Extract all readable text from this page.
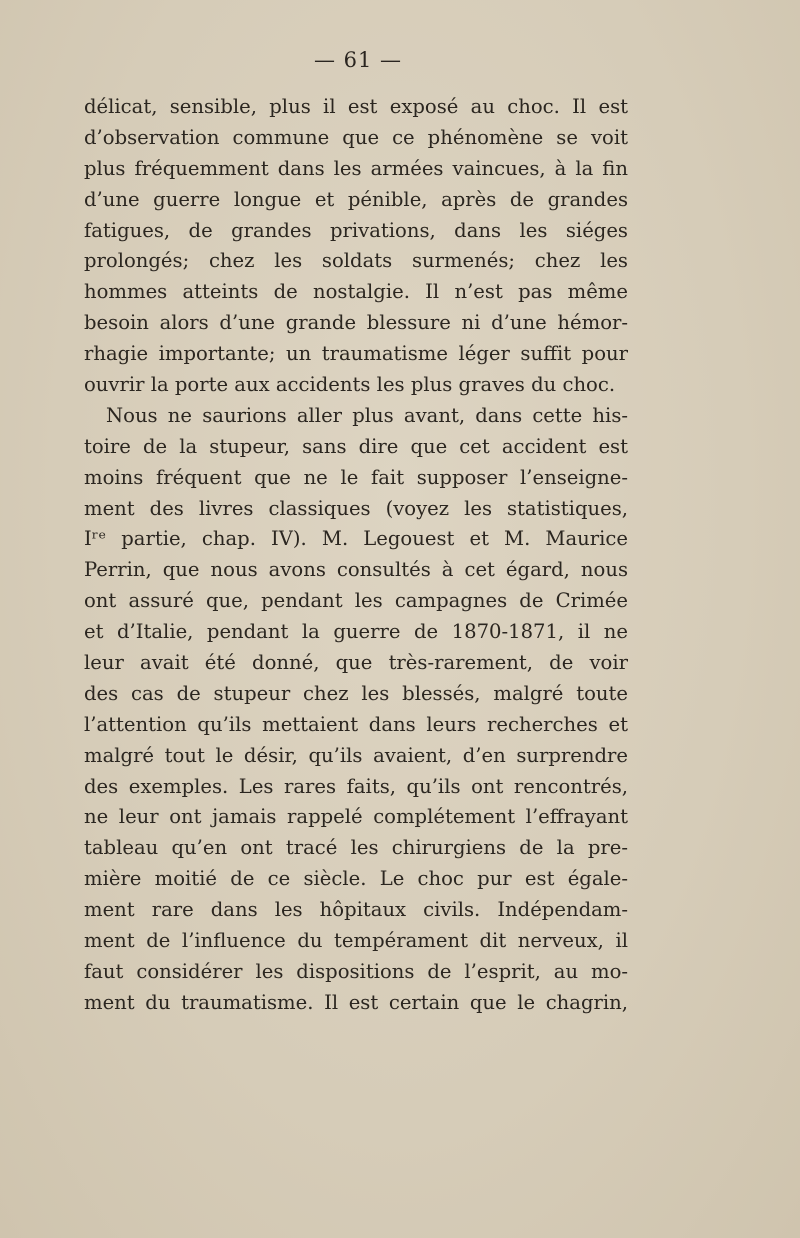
— 61 —
délicat, sensible, plus il est exposé au choc. Il est
d’observation commune que ce phénomène se voit
plus fréquemment dans les armées vaincues, à la fin
d’une guerre longue et pénible, après de grandes
fatigues, de grandes privations, dans les siéges
prolongés; chez les soldats surmenés; chez les
hommes atteints de nostalgie. Il n’est pas même
besoin alors d’une grande blessure ni d’une hémor-
rhagie importante; un traumatisme léger suffit pour
ouvrir la porte aux accidents les plus graves du choc.
Nous ne saurions aller plus avant, dans cette his-
toire de la stupeur, sans dire que cet accident est
moins fréquent que ne le fait supposer l’enseigne-
ment des livres classiques (voyez les statistiques,
Iʳᵉ partie, chap. IV). M. Legouest et M. Maurice
Perrin, que nous avons consultés à cet égard, nous
ont assuré que, pendant les campagnes de Crimée
et d’Italie, pendant la guerre de 1870-1871, il ne
leur avait été donné, que très-rarement, de voir
des cas de stupeur chez les blessés, malgré toute
l’attention qu’ils mettaient dans leurs recherches et
malgré tout le désir, qu’ils avaient, d’en surprendre
des exemples. Les rares faits, qu’ils ont rencontrés,
ne leur ont jamais rappelé complétement l’effrayant
tableau qu’en ont tracé les chirurgiens de la pre-
mière moitié de ce siècle. Le choc pur est égale-
ment rare dans les hôpitaux civils. Indépendam-
ment de l’influence du tempérament dit nerveux, il
faut considérer les dispositions de l’esprit, au mo-
ment du traumatisme. Il est certain que le chagrin,
